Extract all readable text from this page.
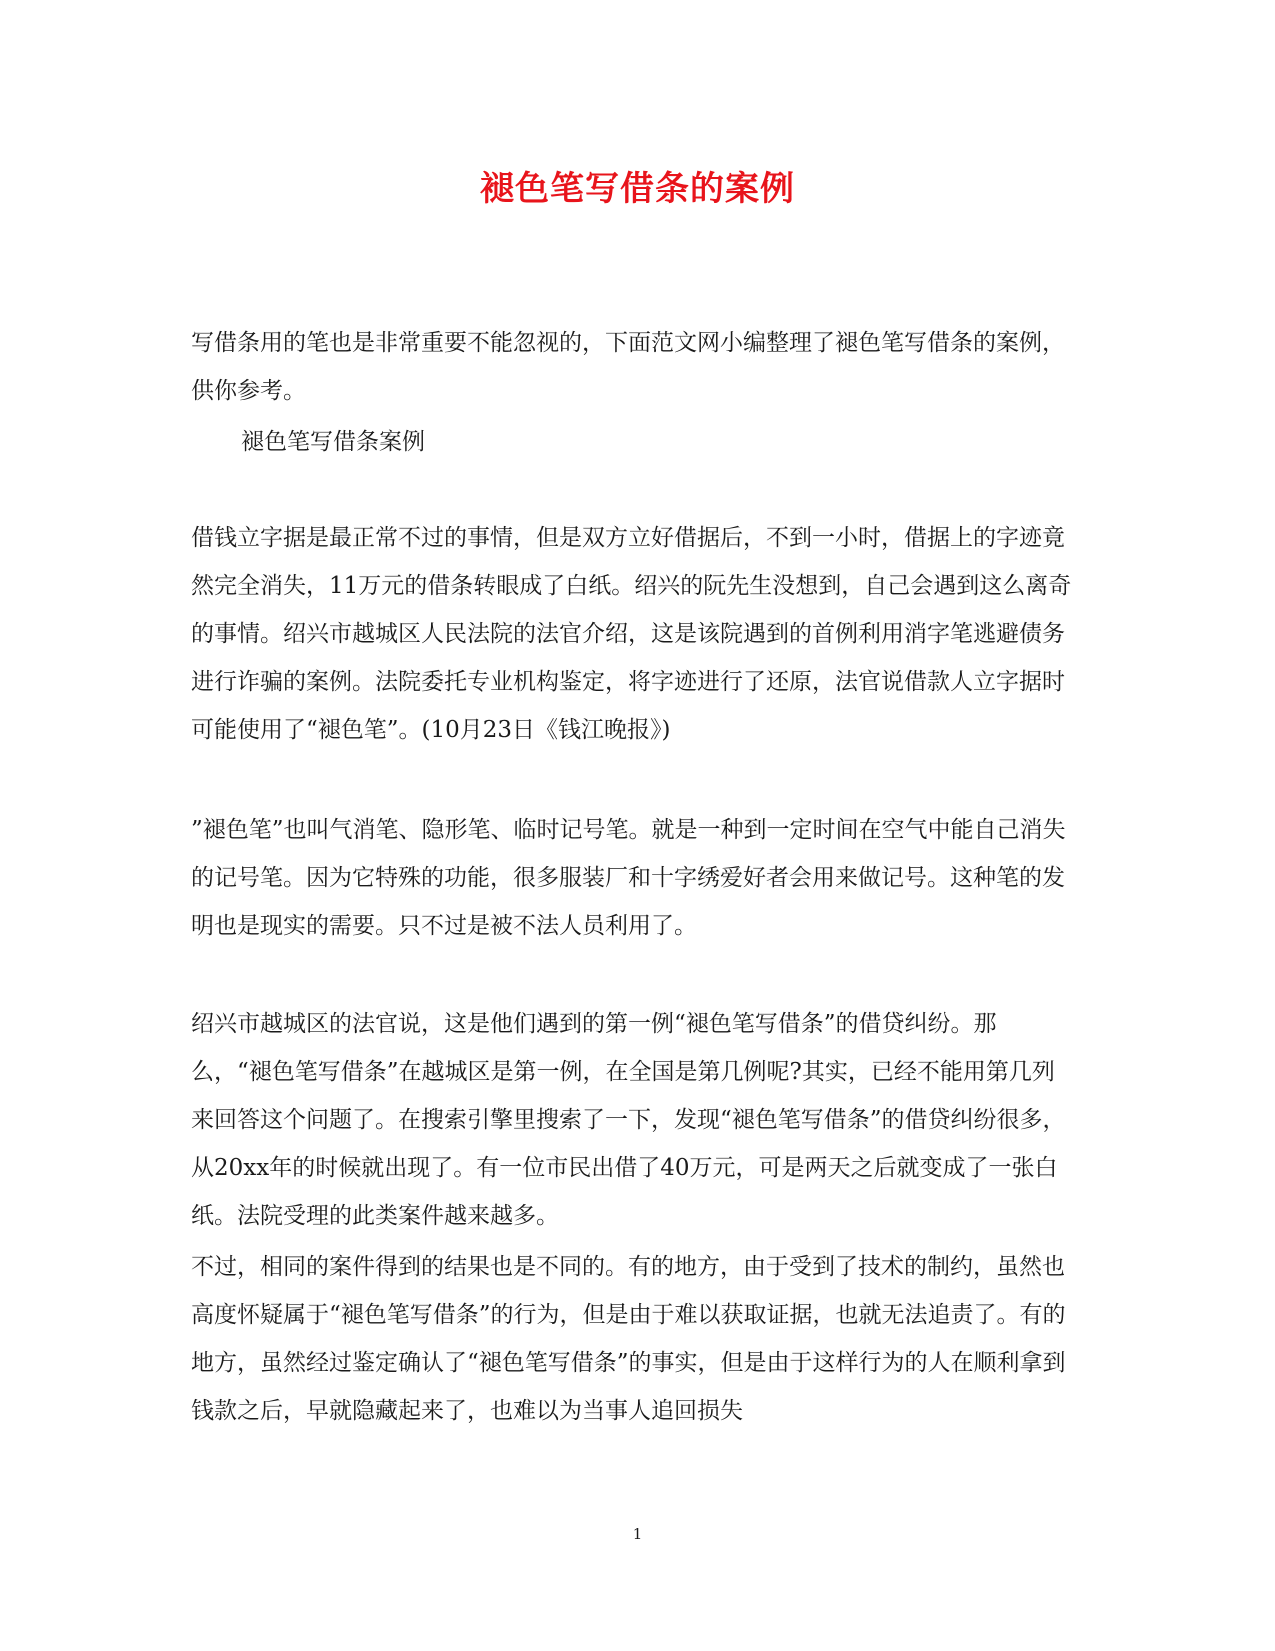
褪色笔写借条的案例
写借条用的笔也是非常重要不能忽视的，下面范文网小编整理了褪色笔写借条的案例，供你参考。
褪色笔写借条案例
借钱立字据是最正常不过的事情，但是双方立好借据后，不到一小时，借据上的字迹竟然完全消失，11万元的借条转眼成了白纸。绍兴的阮先生没想到，自己会遇到这么离奇的事情。绍兴市越城区人民法院的法官介绍，这是该院遇到的首例利用消字笔逃避债务进行诈骗的案例。法院委托专业机构鉴定，将字迹进行了还原，法官说借款人立字据时可能使用了“褪色笔”。(10月23日《钱江晚报》)
”褪色笔”也叫气消笔、隐形笔、临时记号笔。就是一种到一定时间在空气中能自己消失的记号笔。因为它特殊的功能，很多服装厂和十字绣爱好者会用来做记号。这种笔的发明也是现实的需要。只不过是被不法人员利用了。
绍兴市越城区的法官说，这是他们遇到的第一例“褪色笔写借条”的借贷纠纷。那么，“褪色笔写借条”在越城区是第一例，在全国是第几例呢?其实，已经不能用第几列来回答这个问题了。在搜索引擎里搜索了一下，发现“褪色笔写借条”的借贷纠纷很多，从20xx年的时候就出现了。有一位市民出借了40万元，可是两天之后就变成了一张白纸。法院受理的此类案件越来越多。
不过，相同的案件得到的结果也是不同的。有的地方，由于受到了技术的制约，虽然也高度怀疑属于“褪色笔写借条”的行为，但是由于难以获取证据，也就无法追责了。有的地方，虽然经过鉴定确认了“褪色笔写借条”的事实，但是由于这样行为的人在顺利拿到钱款之后，早就隐藏起来了，也难以为当事人追回损失
1
